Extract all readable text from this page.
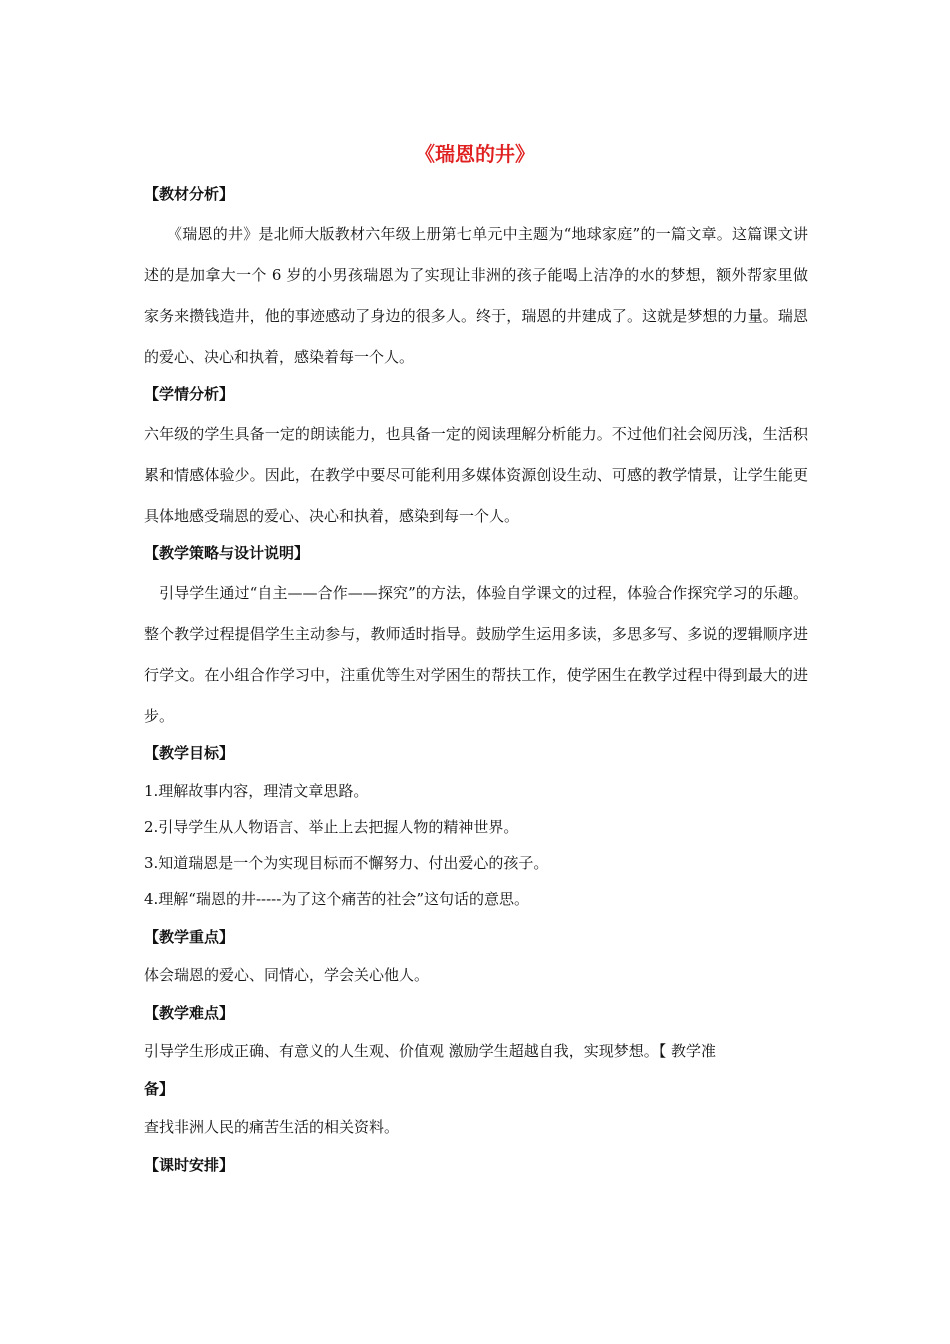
《瑞恩的井》
【教材分析】

　　《瑞恩的井》是北师大版教材六年级上册第七单元中主题为“地球家庭”的一篇文章。这篇课文讲述的是加拿大一个 6 岁的小男孩瑞恩为了实现让非洲的孩子能喝上洁净的水的梦想，额外帮家里做家务来攒钱造井，他的事迹感动了身边的很多人。终于，瑞恩的井建成了。这就是梦想的力量。瑞恩的爱心、决心和执着，感染着每一个人。

【学情分析】

六年级的学生具备一定的朗读能力，也具备一定的阅读理解分析能力。不过他们社会阅历浅，生活积累和情感体验少。因此，在教学中要尽可能利用多媒体资源创设生动、可感的教学情景，让学生能更具体地感受瑞恩的爱心、决心和执着，感染到每一个人。

【教学策略与设计说明】

　引导学生通过“自主——合作——探究”的方法，体验自学课文的过程，体验合作探究学习的乐趣。整个教学过程提倡学生主动参与，教师适时指导。鼓励学生运用多读，多思多写、多说的逻辑顺序进行学文。在小组合作学习中，注重优等生对学困生的帮扶工作，使学困生在教学过程中得到最大的进步。

【教学目标】
1.理解故事内容，理清文章思路。
2.引导学生从人物语言、举止上去把握人物的精神世界。
3.知道瑞恩是一个为实现目标而不懈努力、付出爱心的孩子。
4.理解“瑞恩的井-----为了这个痛苦的社会”这句话的意思。
【教学重点】
体会瑞恩的爱心、同情心，学会关心他人。
【教学难点】
引导学生形成正确、有意义的人生观、价值观 激励学生超越自我，实现梦想。【 教学准
备】
查找非洲人民的痛苦生活的相关资料。
【课时安排】
